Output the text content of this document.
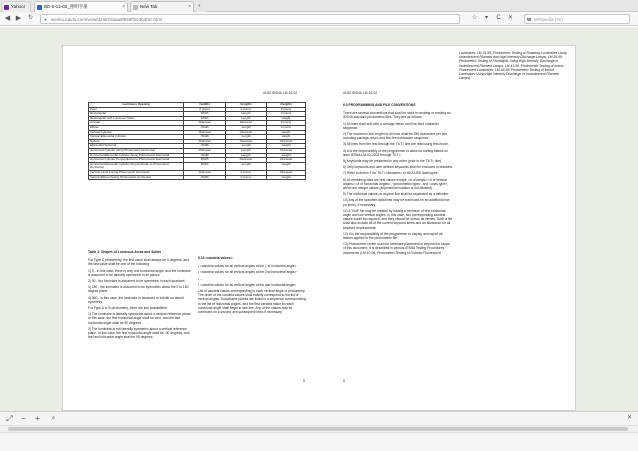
Yahoo!	BD-5-12-02_照明手册	×	New Tab	×	+
◀ ▶	↻	● wenku.baidu.com/view/d2a82daaa9f956ff2e3b4fac.html	☆	▾	C	✕	W Wikipedia (en)
ANSI IESNA LM-63-02	ANSI IESNA LM-63-02
Luminous Opening	<width>	<length>	<height>
Point	0 (zero)	0 (zero)	0 (zero)
Rectangular	Width	Length	0 (zero)
Rectangular with Luminous Sides	Width	Length	Height
Circular	-Diameter	-Diameter	0 (zero)
Ellipse	-Width	-Length	0 (zero)
Vertical Cylinder	-Diameter	-Diameter	Height
Vertical Ellipsoidal Cylinder	-Width	-Length	Height
Sphere	-Diameter	-Diameter	-Diameter
Ellipsoidal Spheroid	-Width	-Length	-Height
Horizontal Cylinder along Photometric Horizontal	-Diameter	Length	-Diameter
Horizontal Ellipsoidal Cylinder Along Photometric Horizontal	-Width	Length	-Height
Horizontal Cylinder Perpendicular to Photometric Horizontal	Width	-Diameter	-Diameter
Horizontal Ellipsoidal Cylinder Perpendicular to Photometric Horizontal	Width	-Length	-Height
Vertical Circle Facing Photometric Horizontal	-Diameter	0 (zero)	-Diameter
Vertical Ellipse Facing Photometric Horizontal	-Width	0 (zero)	-Height

Table 1: Shapes of Luminous Areas and Solids

For Type C photometry, the first value shall always be 0 degrees, and the last value shall be one of the following:

1) 0 - In this case, there is only one horizontal angle, and the luminaire is assumed to be laterally symmetric in all planes.

2) 90 - the luminaire is assumed to be symmetric in each quadrant.

3) 180 - the luminaire is assumed to be symmetric about the 0 to 180 degree plane.

4) 360 - in this case, the luminaire is assumed to exhibit no lateral symmetry.

For Type A or B photometry, there are two possibilities:

1) The luminaire is laterally symmetric about a vertical reference plane. In this case, the first horizontal angle shall be zero, and the last horizontal angle shall be 90 degrees.

2) The luminaire is not laterally symmetric about a vertical reference plane. In this case, the first horizontal angle shall be -90 degrees, and the last horizontal angle shall be 90 degrees.

5.16 <candela values>

• <candela values for all vertical angles at the 1 st horizontal angle>

• <candela values for all vertical angles at the 2nd horizontal angle>

• ...

• <candela values for all vertical angles at the last horizontal angle>

List of candela values corresponding to each vertical angle of photometry. The order of the candela values shall exactly correspond to the list of vertical angles. Successive planes are listed in a sequence corresponding to the list of horizontal angles, and the first candela value for each horizontal angle shall begin a new line. Any of the values may be continued on a second and subsequent lines if necessary.

5

6.0 PROGRAMMING AND FILE CONVENTIONS

There are several conventions that shall be used in creating or reading an IESNA standard photometric files. They are as follows:

1) All lines shall end with a carriage-return and line-feed character sequence.

2) The maximum line length for all lines shall be 256 characters per line including carriage-return and line-feed character sequence.

3) All lines from the first through the TILT= line are read using text-mode.

4) It is the responsibility of the programmer to allow for trailing blanks on lines IESNA:LM-63-2002 through TILT=.

5) Keywords may be presented in any order (prior to the TILT= line).

6) Only keywords and user defined keywords shall be enclosed in brackets.

7) Refer to Annex F for TILT=<filename> or INCLUDE data types.

8) All remaining data are real values except: <# of lamps>,<# of vertical angles>,<# of horizontal angles>, <photometric type>, and <units type>, which are integer values (exponential notation is not allowed).

9) The individual values on anyone line shall be separated by a delimiter.

10) Any of the specified data lines may be continued on an additional line (or lines), if necessary.

11) A "Null" file may be created by having a minimum of one horizontal angle and two vertical angles. In this case, two corresponding candela values would be required, and they should be shown as zeroes. Such a file shall also include all of the current keyword items and an allowance for all keyword requirements.

12) It is the responsibility of the programmer to display and report all factors applied to the photometric file.

13) Photometric center used for luminaire placement is beyond the scope of this document. It is described in various IESNA Testing Procedures documents (LM-10-96, Photometric Testing of Outdoor Fluorescent

Luminaires; LM-31-95, Photometric Testing of Roadway Luminaires Using Incandescent Filament and High Intensity Discharge Lamps; LM-35-89, Photometric Testing of Floodlights Using High Intensity Discharge or Incandescent Filament Lamps; LM-41-98, Photometric Testing of Indoor Fluorescent Luminaires; LM-46-98, Photometric Testing of Indoor Luminaires Using High Intensity Discharge or Incandescent Filament Lamps).

6
⤢	−	+	⌕	✕
